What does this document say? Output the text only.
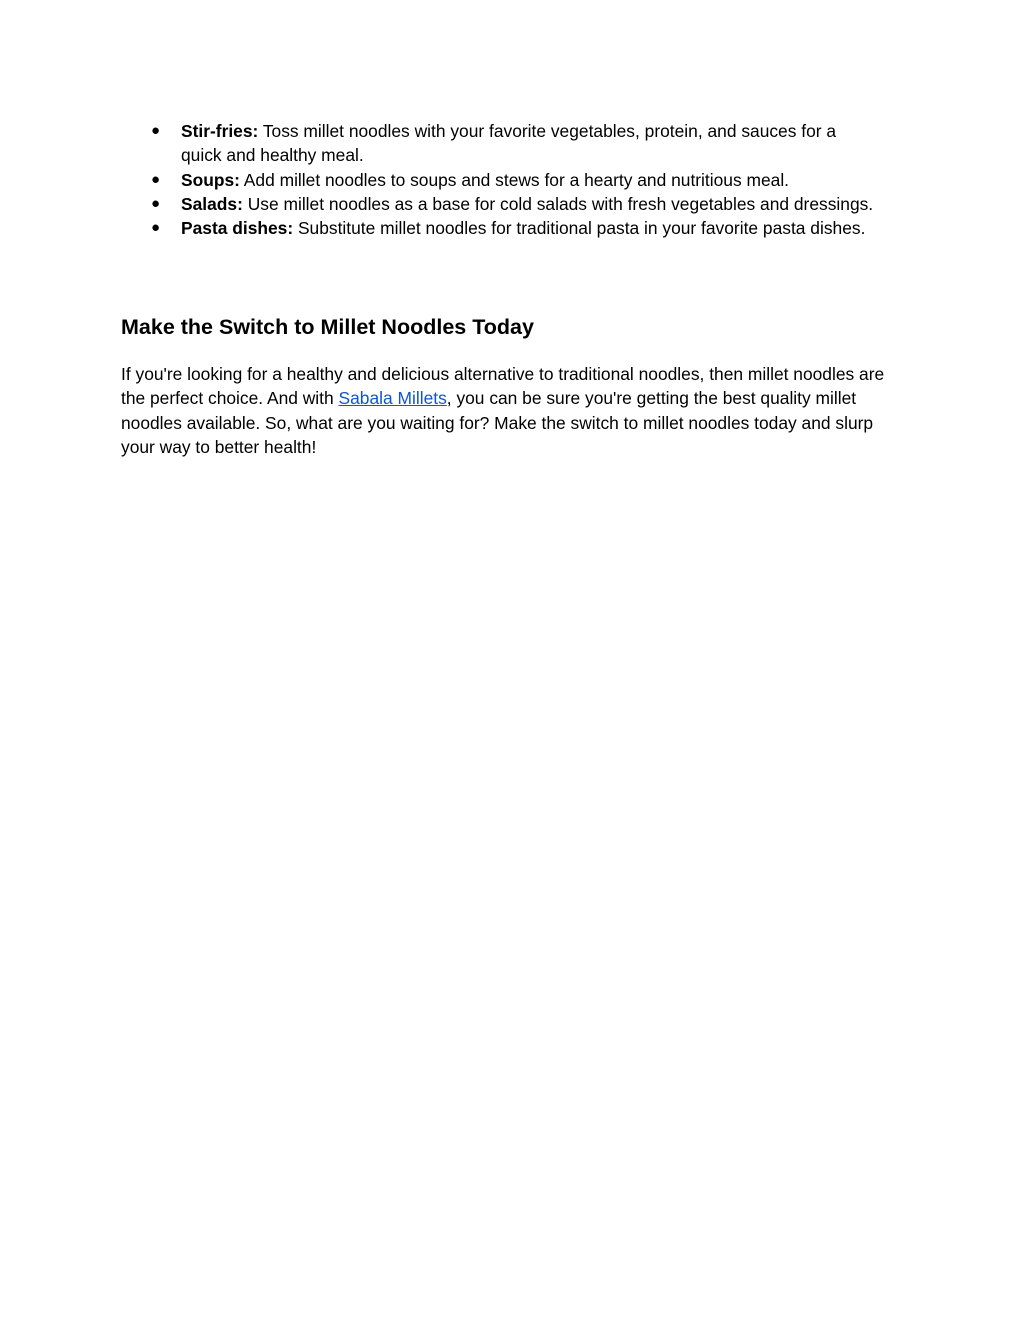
● Stir-fries: Toss millet noodles with your favorite vegetables, protein, and sauces for a quick and healthy meal.
● Soups: Add millet noodles to soups and stews for a hearty and nutritious meal.
● Salads: Use millet noodles as a base for cold salads with fresh vegetables and dressings.
● Pasta dishes: Substitute millet noodles for traditional pasta in your favorite pasta dishes.
Make the Switch to Millet Noodles Today

If you're looking for a healthy and delicious alternative to traditional noodles, then millet noodles are the perfect choice. And with Sabala Millets, you can be sure you're getting the best quality millet noodles available. So, what are you waiting for? Make the switch to millet noodles today and slurp your way to better health!
